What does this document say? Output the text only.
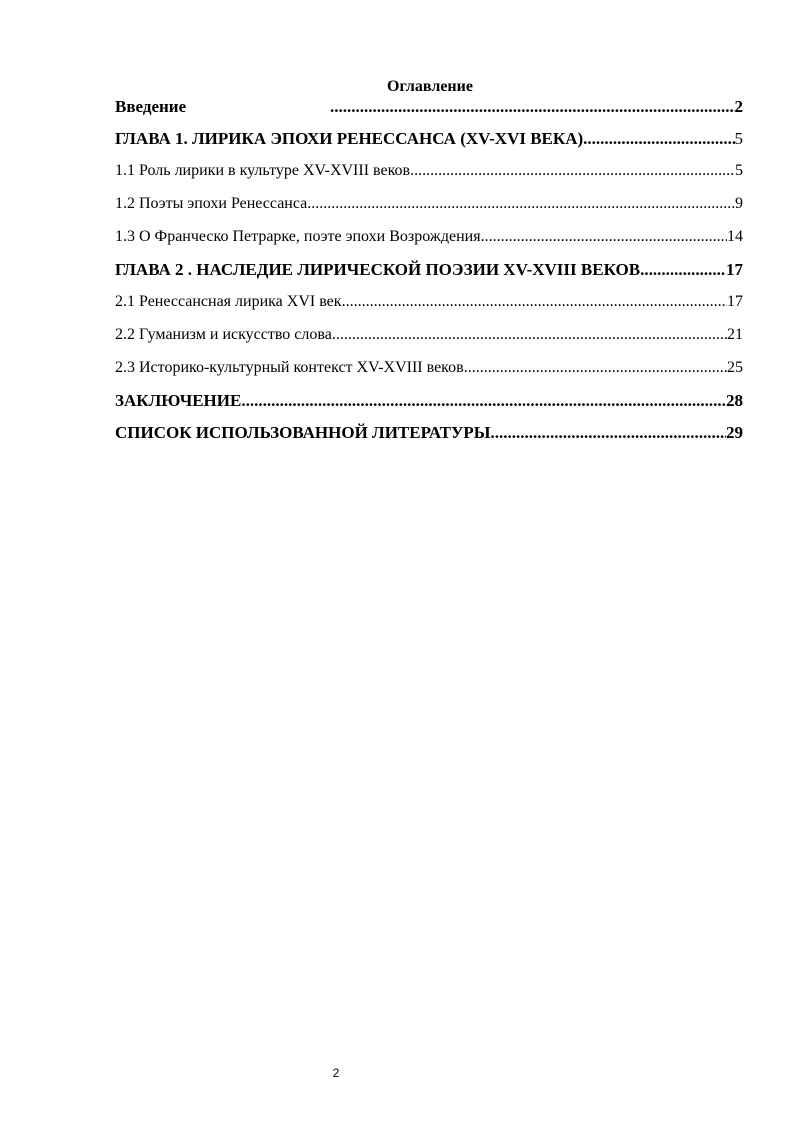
Оглавление
Введение .....	2
ГЛАВА 1. ЛИРИКА ЭПОХИ РЕНЕССАНСА (XV-XVI ВЕКА) .....	5
1.1 Роль лирики в культуре XV-XVIII веков .....	5
1.2 Поэты эпохи Ренессанса .....	9
1.3 О Франческо Петрарке, поэте эпохи Возрождения .....	14
ГЛАВА 2 . НАСЛЕДИЕ ЛИРИЧЕСКОЙ ПОЭЗИИ XV-XVIII ВЕКОВ .....	17
2.1 Ренессансная лирика XVI век .....	17
2.2 Гуманизм и искусство слова .....	21
2.3 Историко-культурный контекст XV-XVIII веков .....	25
ЗАКЛЮЧЕНИЕ .....	28
СПИСОК ИСПОЛЬЗОВАННОЙ ЛИТЕРАТУРЫ .....	29
2
